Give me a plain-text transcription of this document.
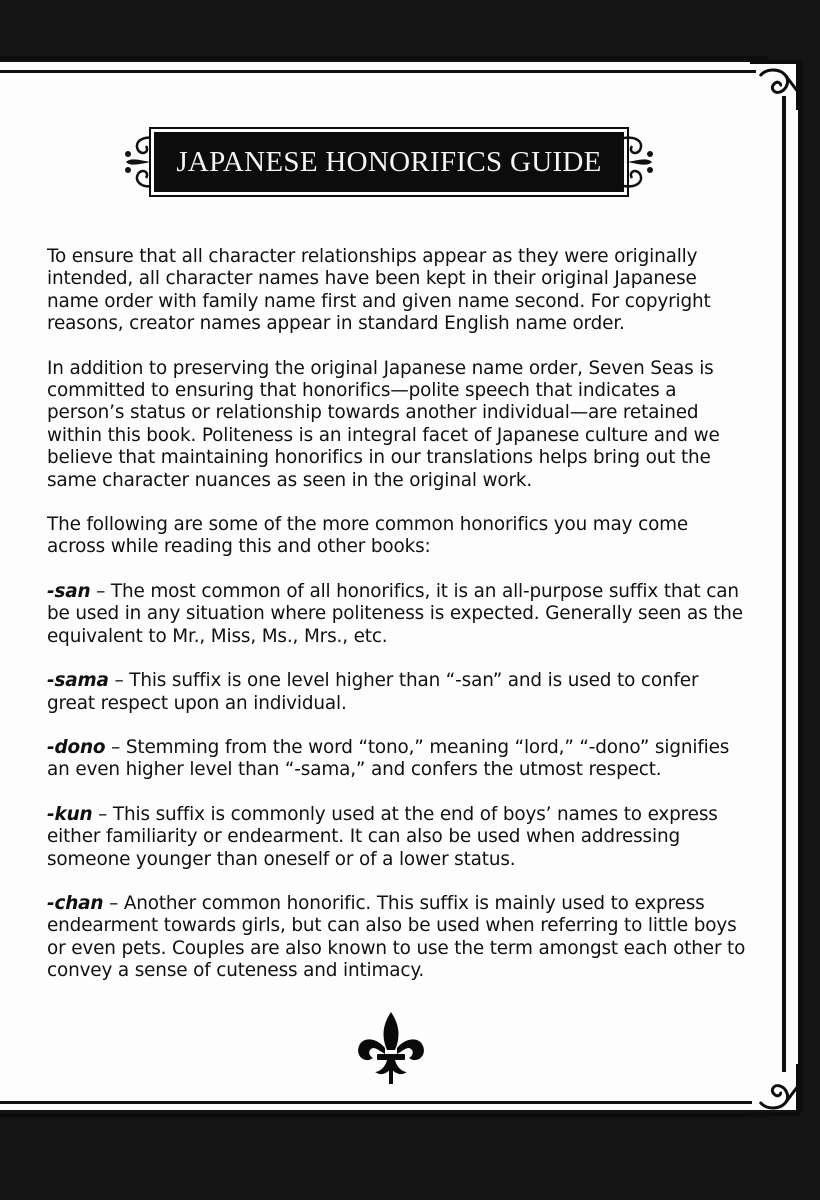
JAPANESE HONORIFICS GUIDE

To ensure that all character relationships appear as they were originally intended, all character names have been kept in their original Japanese name order with family name first and given name second. For copyright reasons, creator names appear in standard English name order.

In addition to preserving the original Japanese name order, Seven Seas is committed to ensuring that honorifics—polite speech that indicates a person’s status or relationship towards another individual—are retained within this book. Politeness is an integral facet of Japanese culture and we believe that maintaining honorifics in our translations helps bring out the same character nuances as seen in the original work.

The following are some of the more common honorifics you may come across while reading this and other books:

-san – The most common of all honorifics, it is an all-purpose suffix that can be used in any situation where politeness is expected. Generally seen as the equivalent to Mr., Miss, Ms., Mrs., etc.

-sama – This suffix is one level higher than “-san” and is used to confer great respect upon an individual.

-dono – Stemming from the word “tono,” meaning “lord,” “-dono” signifies an even higher level than “-sama,” and confers the utmost respect.

-kun – This suffix is commonly used at the end of boys’ names to express either familiarity or endearment. It can also be used when addressing someone younger than oneself or of a lower status.

-chan – Another common honorific. This suffix is mainly used to express endearment towards girls, but can also be used when referring to little boys or even pets. Couples are also known to use the term amongst each other to convey a sense of cuteness and intimacy.
